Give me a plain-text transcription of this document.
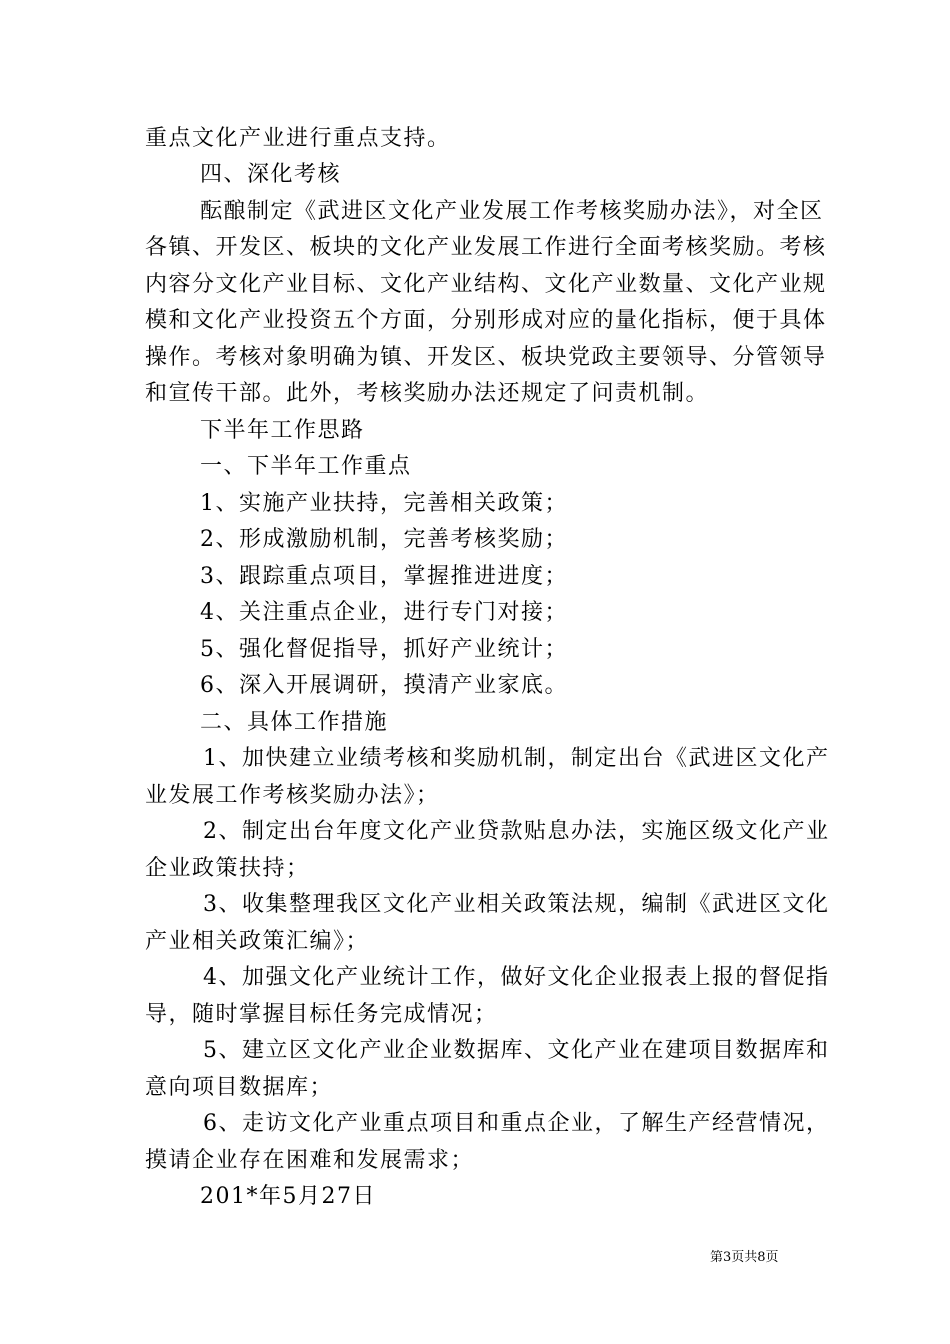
重点文化产业进行重点支持。
四、深化考核
酝酿制定《武进区文化产业发展工作考核奖励办法》，对全区
各镇、开发区、板块的文化产业发展工作进行全面考核奖励。考核
内容分文化产业目标、文化产业结构、文化产业数量、文化产业规
模和文化产业投资五个方面，分别形成对应的量化指标，便于具体
操作。考核对象明确为镇、开发区、板块党政主要领导、分管领导
和宣传干部。此外，考核奖励办法还规定了问责机制。
下半年工作思路
一、下半年工作重点
1、实施产业扶持，完善相关政策；
2、形成激励机制，完善考核奖励；
3、跟踪重点项目，掌握推进进度；
4、关注重点企业，进行专门对接；
5、强化督促指导，抓好产业统计；
6、深入开展调研，摸清产业家底。
二、具体工作措施
1、加快建立业绩考核和奖励机制，制定出台《武进区文化产
业发展工作考核奖励办法》；
2、制定出台年度文化产业贷款贴息办法，实施区级文化产业
企业政策扶持；
3、收集整理我区文化产业相关政策法规，编制《武进区文化
产业相关政策汇编》；
4、加强文化产业统计工作，做好文化企业报表上报的督促指
导，随时掌握目标任务完成情况；
5、建立区文化产业企业数据库、文化产业在建项目数据库和
意向项目数据库；
6、走访文化产业重点项目和重点企业，了解生产经营情况，
摸请企业存在困难和发展需求；
201*年5月27日
第3页共8页
